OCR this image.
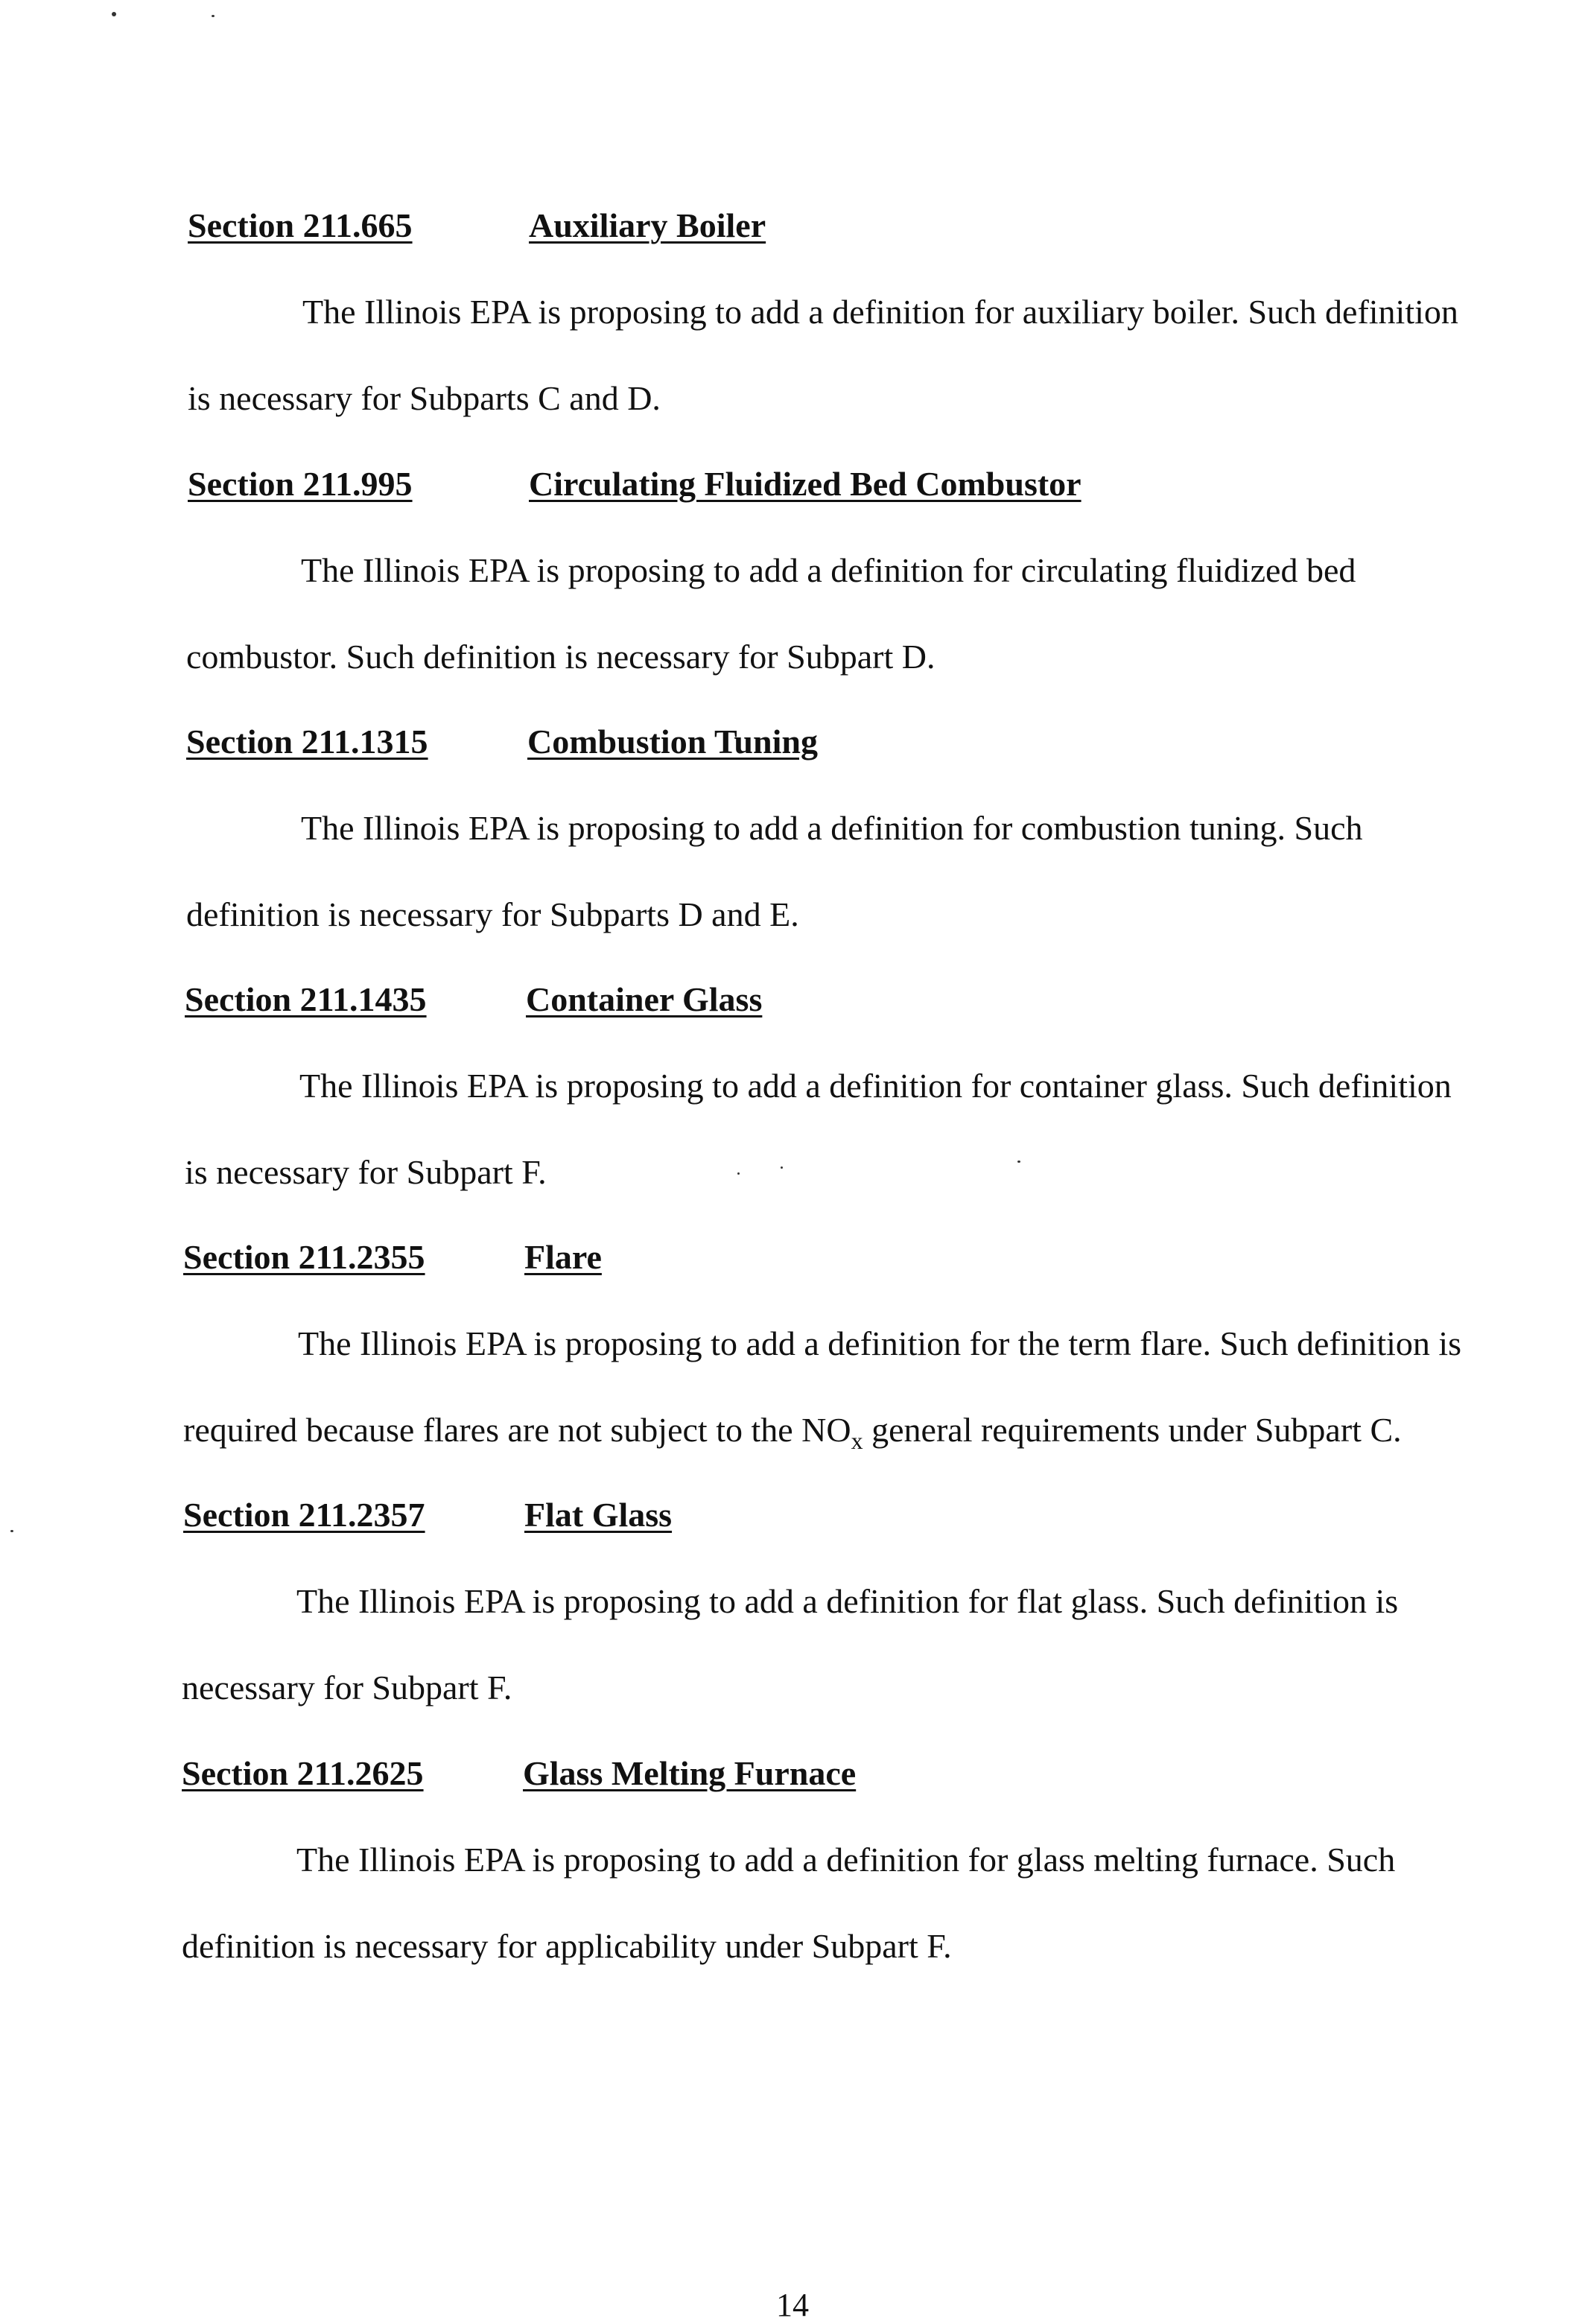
Section 211.665	Auxiliary Boiler

The Illinois EPA is proposing to add a definition for auxiliary boiler. Such definition
is necessary for Subparts C and D.

Section 211.995	Circulating Fluidized Bed Combustor

The Illinois EPA is proposing to add a definition for circulating fluidized bed
combustor. Such definition is necessary for Subpart D.

Section 211.1315	Combustion Tuning

The Illinois EPA is proposing to add a definition for combustion tuning. Such
definition is necessary for Subparts D and E.

Section 211.1435	Container Glass

The Illinois EPA is proposing to add a definition for container glass. Such definition
is necessary for Subpart F.

Section 211.2355	Flare

The Illinois EPA is proposing to add a definition for the term flare. Such definition is
required because flares are not subject to the $NO_x$ general requirements under Subpart C.

Section 211.2357	Flat Glass

The Illinois EPA is proposing to add a definition for flat glass. Such definition is
necessary for Subpart F.

Section 211.2625	Glass Melting Furnace

The Illinois EPA is proposing to add a definition for glass melting furnace. Such
definition is necessary for applicability under Subpart F.

14
